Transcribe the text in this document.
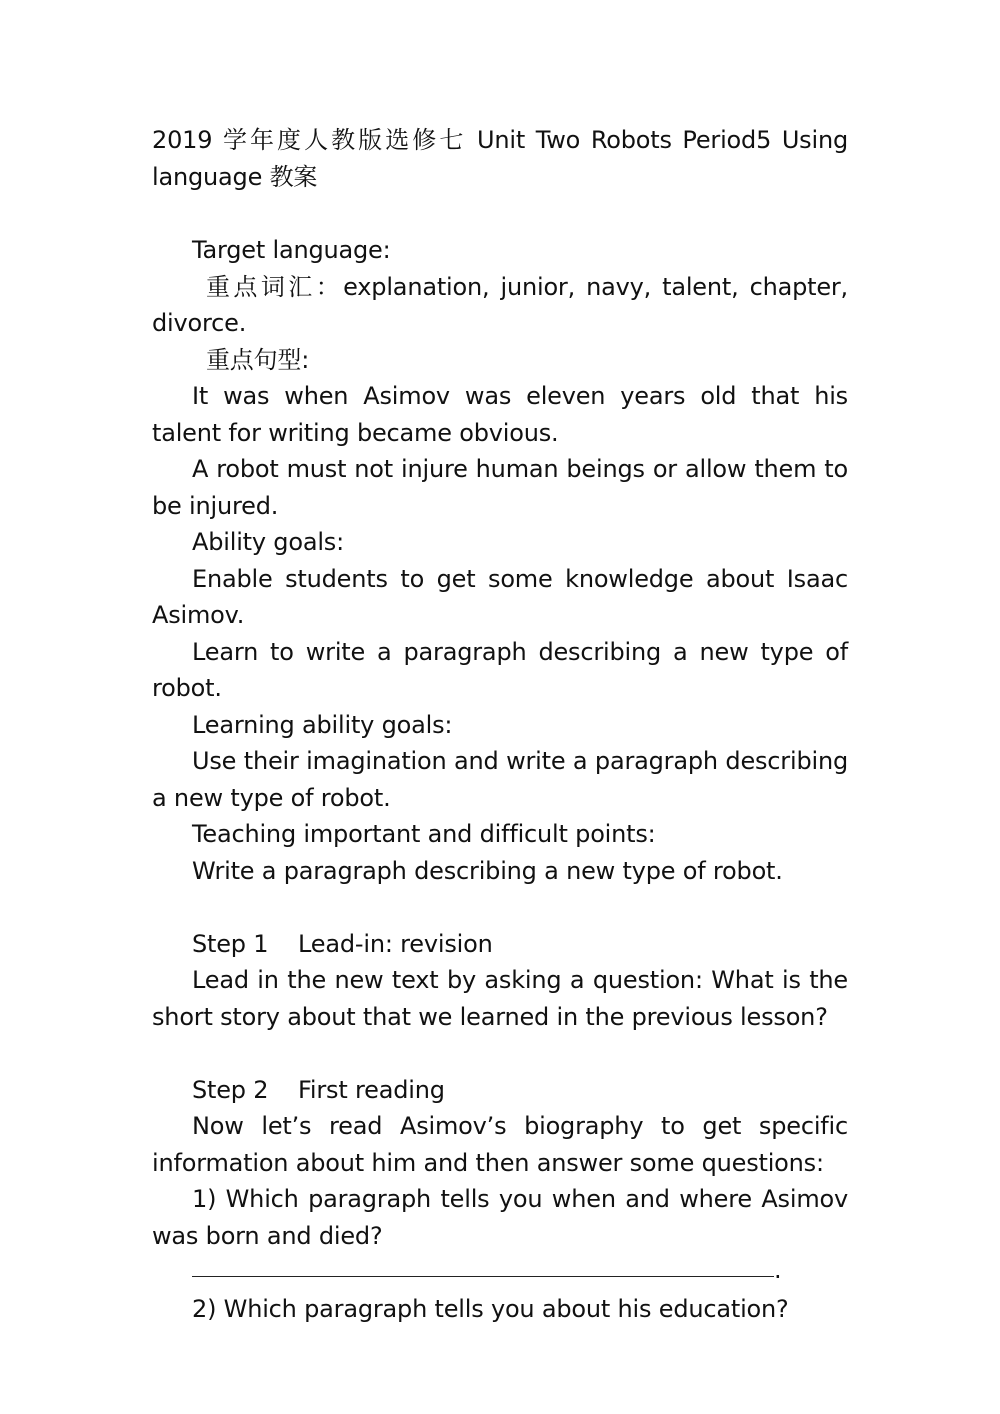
2019 学年度人教版选修七 Unit Two Robots Period5 Using language 教案

Target language:

重点词汇：explanation, junior, navy, talent, chapter, divorce.

重点句型:

It was when Asimov was eleven years old that his talent for writing became obvious.

A robot must not injure human beings or allow them to be injured.

Ability goals:

Enable students to get some knowledge about Isaac Asimov.

Learn to write a paragraph describing a new type of robot.

Learning ability goals:

Use their imagination and write a paragraph describing a new type of robot.

Teaching important and difficult points:

Write a paragraph describing a new type of robot.

Step 1    Lead-in: revision

Lead in the new text by asking a question: What is the short story about that we learned in the previous lesson?

Step 2    First reading

Now let’s read Asimov’s biography to get specific information about him and then answer some questions:

1) Which paragraph tells you when and where Asimov was born and died?

.

2) Which paragraph tells you about his education?
